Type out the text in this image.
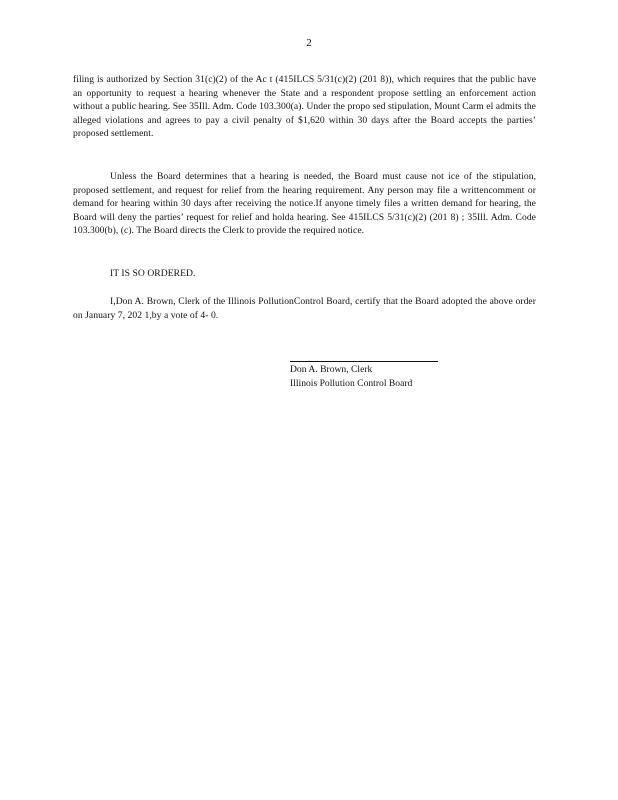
2
filing is authorized by Section 31(c)(2) of the Ac t (415ILCS 5/31(c)(2) (201 8)), which requires that the public have an opportunity to request a hearing whenever the State and a respondent propose settling an enforcement action without a public hearing. See 35Ill. Adm. Code 103.300(a). Under the propo sed stipulation, Mount Carm el admits the alleged violations and agrees to pay a civil penalty of $1,620 within 30 days after the Board accepts the parties’ proposed settlement.
Unless the Board determines that a hearing is needed, the Board must cause not ice of the stipulation, proposed settlement, and request for relief from the hearing requirement. Any person may file a writtencomment or demand for hearing within 30 days after receiving the notice.If anyone timely files a written demand for hearing, the Board will deny the parties’ request for relief and holda hearing. See 415ILCS 5/31(c)(2) (201 8) ; 35Ill. Adm. Code 103.300(b), (c). The Board directs the Clerk to provide the required notice.
IT IS SO ORDERED.
I,Don A. Brown, Clerk of the Illinois PollutionControl Board, certify that the Board adopted the above order on January 7, 202 1,by a vote of 4- 0.
Don A. Brown, Clerk
Illinois Pollution Control Board
